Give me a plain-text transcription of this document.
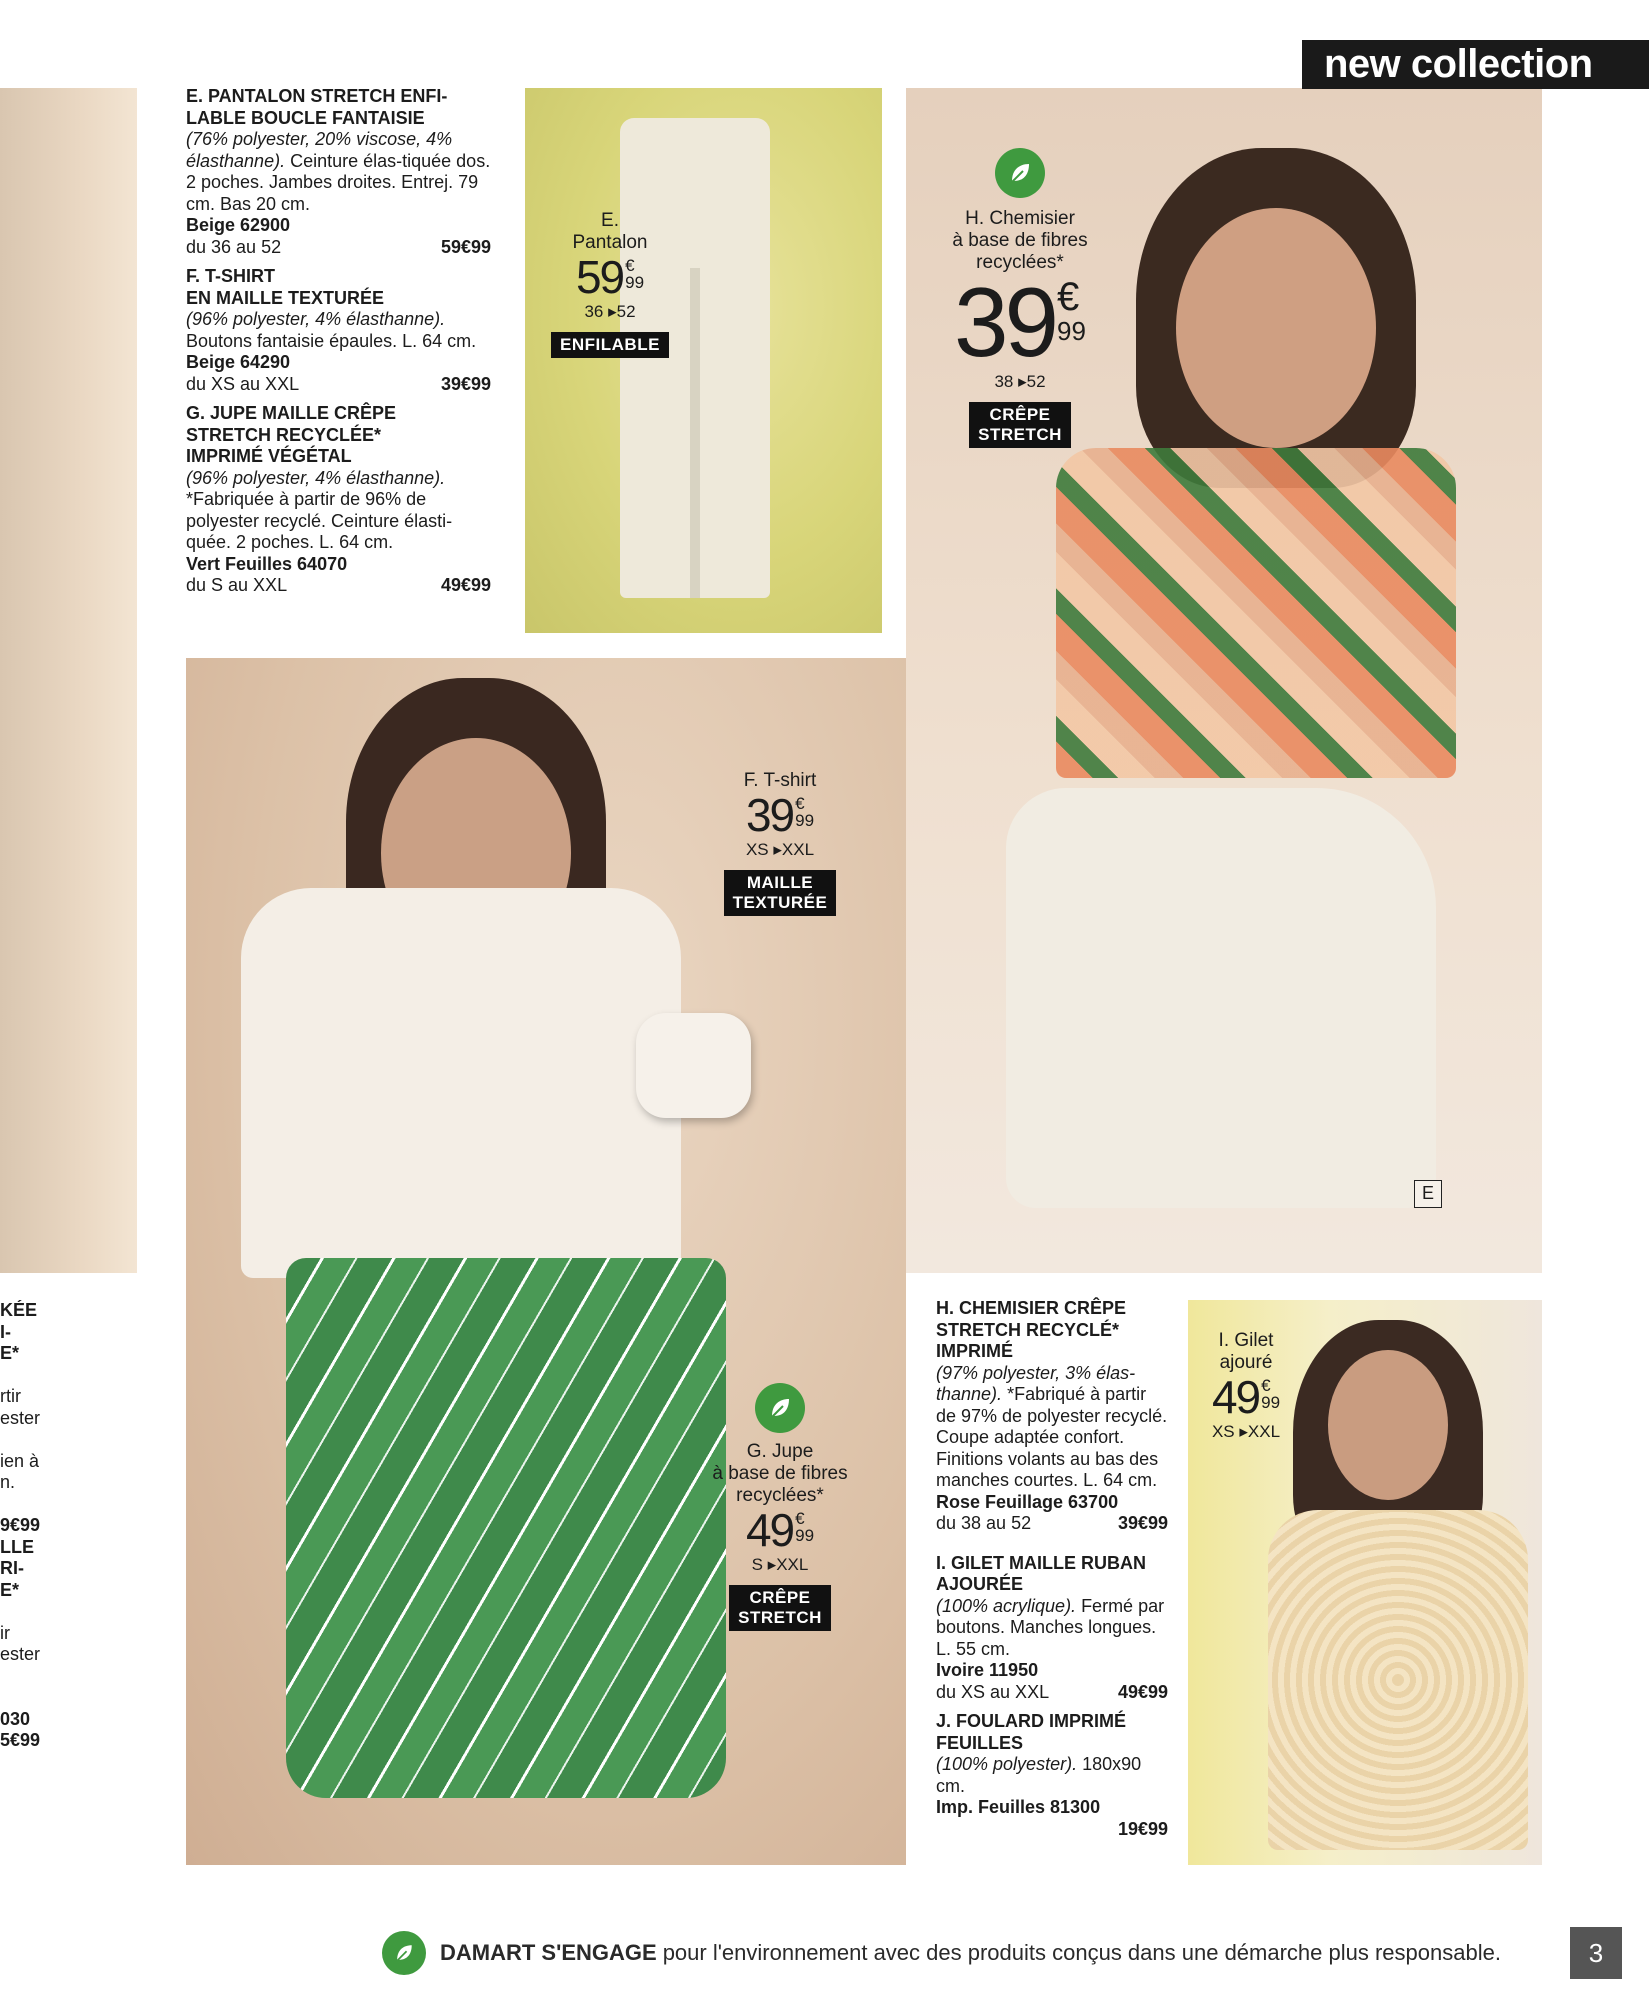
new collection
E. PANTALON STRETCH ENFI-
LABLE BOUCLE FANTAISIE
(76% polyester, 20% viscose, 4% élasthanne). Ceinture élas-tiquée dos. 2 poches. Jambes droites. Entrej. 79 cm. Bas 20 cm.
Beige 62900
du 36 au 52	59€99
F. T-SHIRT
EN MAILLE TEXTURÉE
(96% polyester, 4% élasthanne). Boutons fantaisie épaules. L. 64 cm.
Beige 64290
du XS au XXL	39€99
G. JUPE MAILLE CRÊPE
STRETCH RECYCLÉE*
IMPRIMÉ VÉGÉTAL
(96% polyester, 4% élasthanne). *Fabriquée à partir de 96% de polyester recyclé. Ceinture élasti-quée. 2 poches. L. 64 cm.
Vert Feuilles 64070
du S au XXL	49€99
H. CHEMISIER CRÊPE
STRETCH RECYCLÉ*
IMPRIMÉ
(97% polyester, 3% élas-thanne). *Fabriqué à partir de 97% de polyester recyclé. Coupe adaptée confort. Finitions volants au bas des manches courtes. L. 64 cm.
Rose Feuillage 63700
du 38 au 52	39€99
I. GILET MAILLE RUBAN
AJOURÉE
(100% acrylique). Fermé par boutons. Manches longues. L. 55 cm.
Ivoire 11950
du XS au XXL	49€99
J. FOULARD IMPRIMÉ
FEUILLES
(100% polyester). 180x90 cm.
Imp. Feuilles 81300
19€99
E.
Pantalon
59 €
99
36 ▸52
ENFILABLE
H. Chemisier
à base de fibres
recyclées*
39 €
99
38 ▸52
CRÊPE
STRETCH
F. T-shirt
39 €
99
XS ▸XXL
MAILLE
TEXTURÉE
G. Jupe
à base de fibres
recyclées*
49 €
99
S ▸XXL
CRÊPE
STRETCH
I. Gilet
ajouré
49 €
99
XS ▸XXL
E
KÉE
I-
E*

rtir
ester

ien à
n.

9€99
LLE
RI-
E*

ir
ester

030
5€99
DAMART S'ENGAGE pour l'environnement avec des produits conçus dans une démarche plus responsable.	3
